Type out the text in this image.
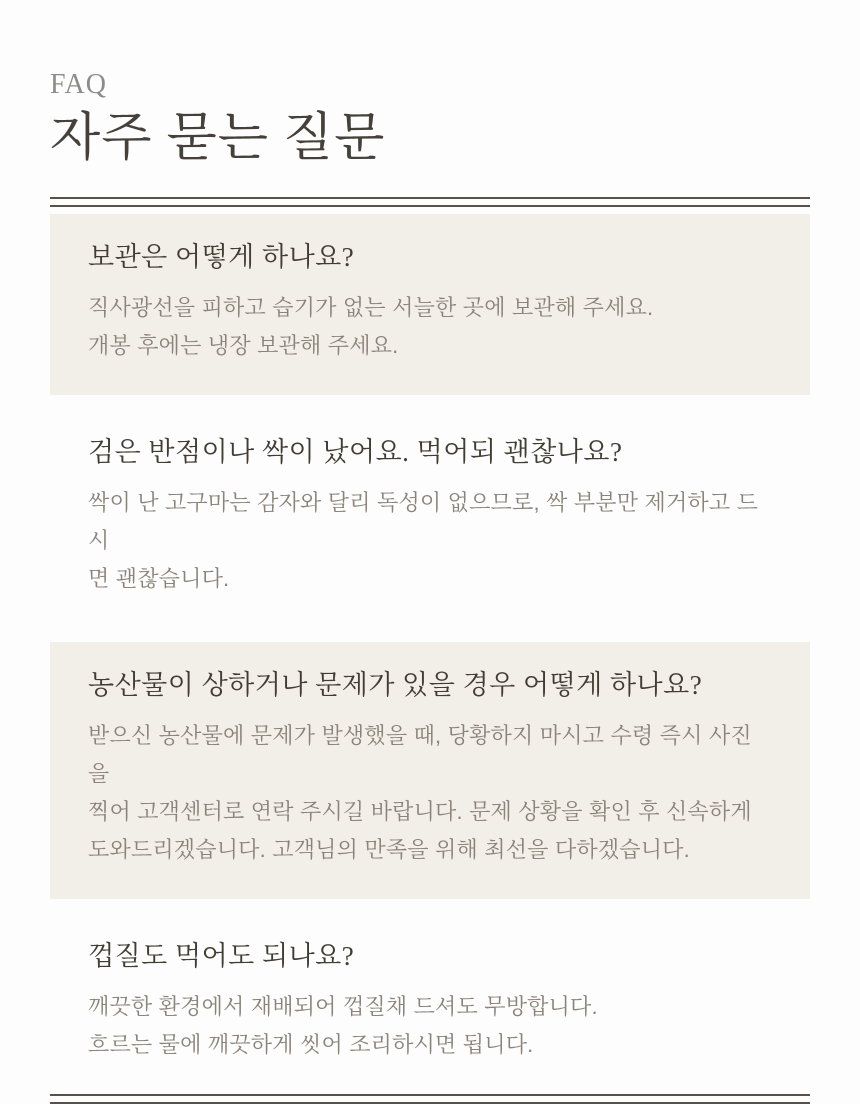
FAQ
자주 묻는 질문
보관은 어떻게 하나요?
직사광선을 피하고 습기가 없는 서늘한 곳에 보관해 주세요.
개봉 후에는 냉장 보관해 주세요.
검은 반점이나 싹이 났어요. 먹어되 괜찮나요?
싹이 난 고구마는 감자와 달리 독성이 없으므로, 싹 부분만 제거하고 드시
면 괜찮습니다.
농산물이 상하거나 문제가 있을 경우 어떻게 하나요?
받으신 농산물에 문제가 발생했을 때, 당황하지 마시고 수령 즉시 사진을
찍어 고객센터로 연락 주시길 바랍니다. 문제 상황을 확인 후 신속하게
도와드리겠습니다. 고객님의 만족을 위해 최선을 다하겠습니다.
껍질도 먹어도 되나요?
깨끗한 환경에서 재배되어 껍질채 드셔도 무방합니다.
흐르는 물에 깨끗하게 씻어 조리하시면 됩니다.
